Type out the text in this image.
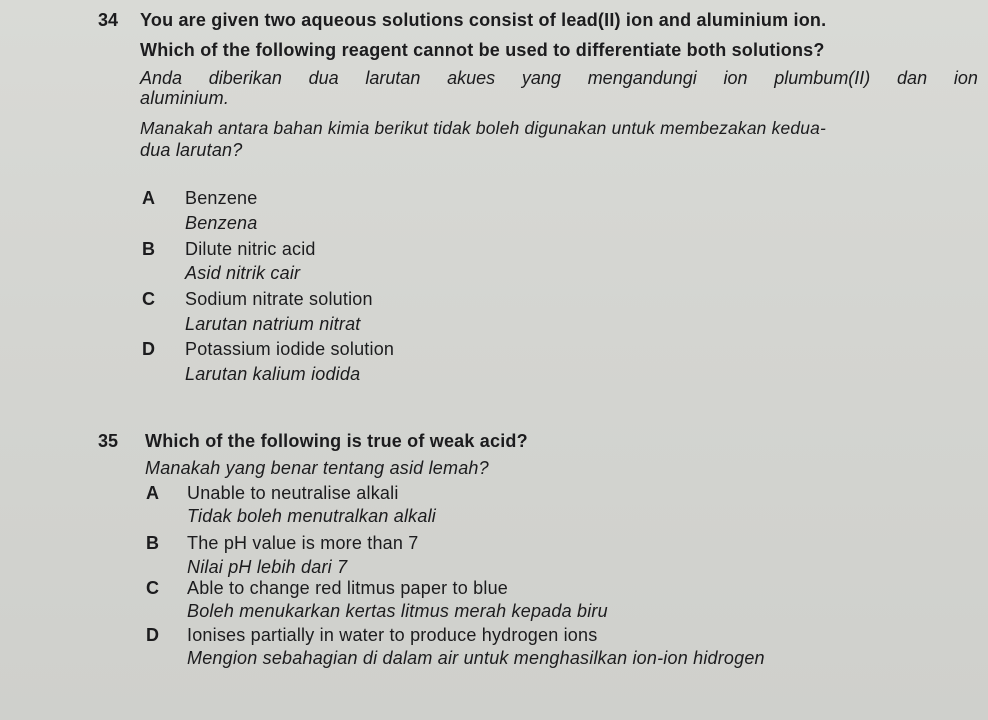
34 You are given two aqueous solutions consist of lead(II) ion and aluminium ion.
Which of the following reagent cannot be used to differentiate both solutions?
Anda diberikan dua larutan akues yang mengandungi ion plumbum(II) dan ion
aluminium.
Manakah antara bahan kimia berikut tidak boleh digunakan untuk membezakan kedua-
dua larutan?
A Benzene
Benzena
B Dilute nitric acid
Asid nitrik cair
C Sodium nitrate solution
Larutan natrium nitrat
D Potassium iodide solution
Larutan kalium iodida
35 Which of the following is true of weak acid?
Manakah yang benar tentang asid lemah?
A Unable to neutralise alkali
Tidak boleh menutralkan alkali
B The pH value is more than 7
Nilai pH lebih dari 7
C Able to change red litmus paper to blue
Boleh menukarkan kertas litmus merah kepada biru
D Ionises partially in water to produce hydrogen ions
Mengion sebahagian di dalam air untuk menghasilkan ion-ion hidrogen
